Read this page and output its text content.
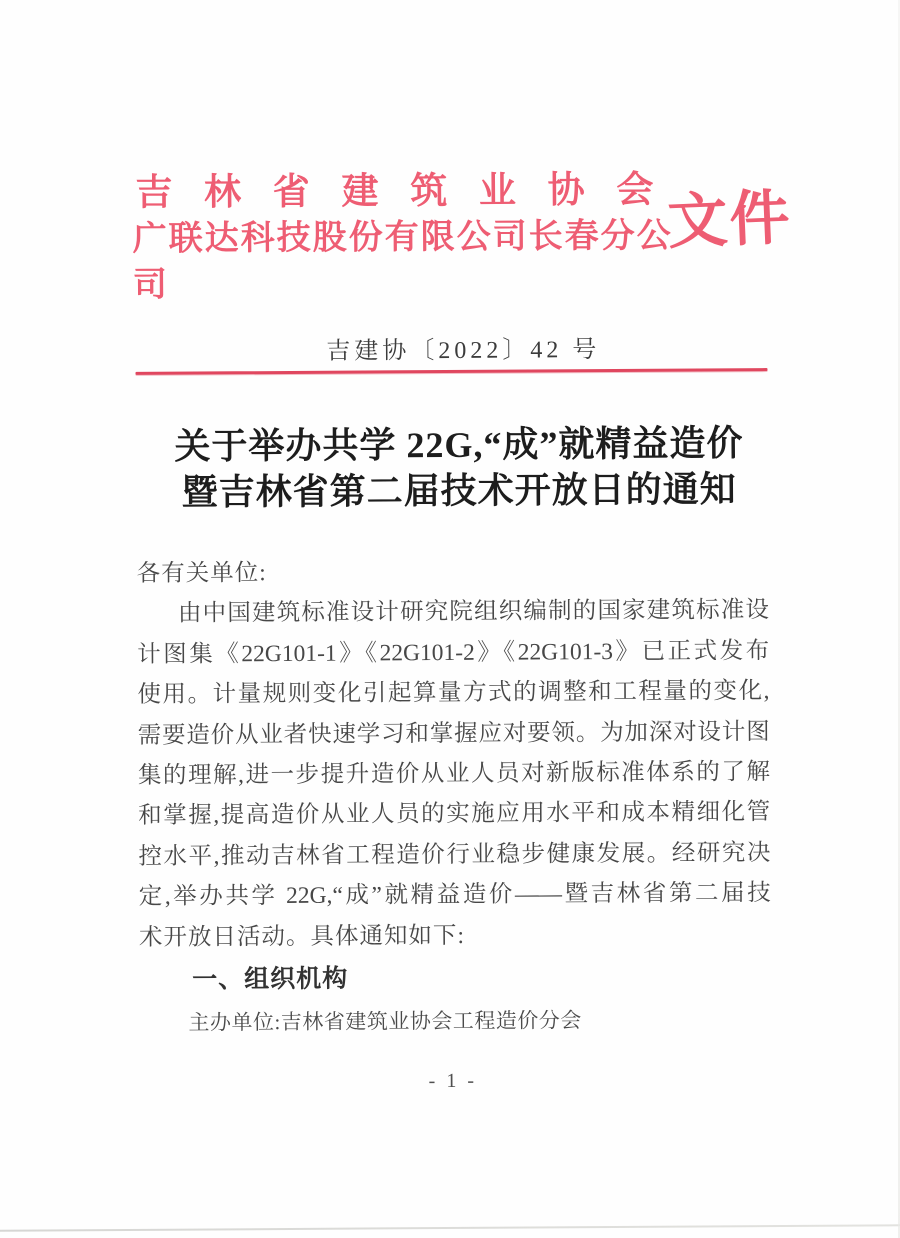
吉林省建筑业协会
广联达科技股份有限公司长春分公司
文件
吉建协〔2022〕42 号
关于举办共学 22G,“成”就精益造价
暨吉林省第二届技术开放日的通知
各有关单位:
由中国建筑标准设计研究院组织编制的国家建筑标准设
计图集《22G101-1》《22G101-2》《22G101-3》已正式发布
使用。计量规则变化引起算量方式的调整和工程量的变化,
需要造价从业者快速学习和掌握应对要领。为加深对设计图
集的理解,进一步提升造价从业人员对新版标准体系的了解
和掌握,提高造价从业人员的实施应用水平和成本精细化管
控水平,推动吉林省工程造价行业稳步健康发展。经研究决
定,举办共学 22G,“成”就精益造价——暨吉林省第二届技
术开放日活动。具体通知如下:
一、组织机构
主办单位:吉林省建筑业协会工程造价分会
- 1 -
